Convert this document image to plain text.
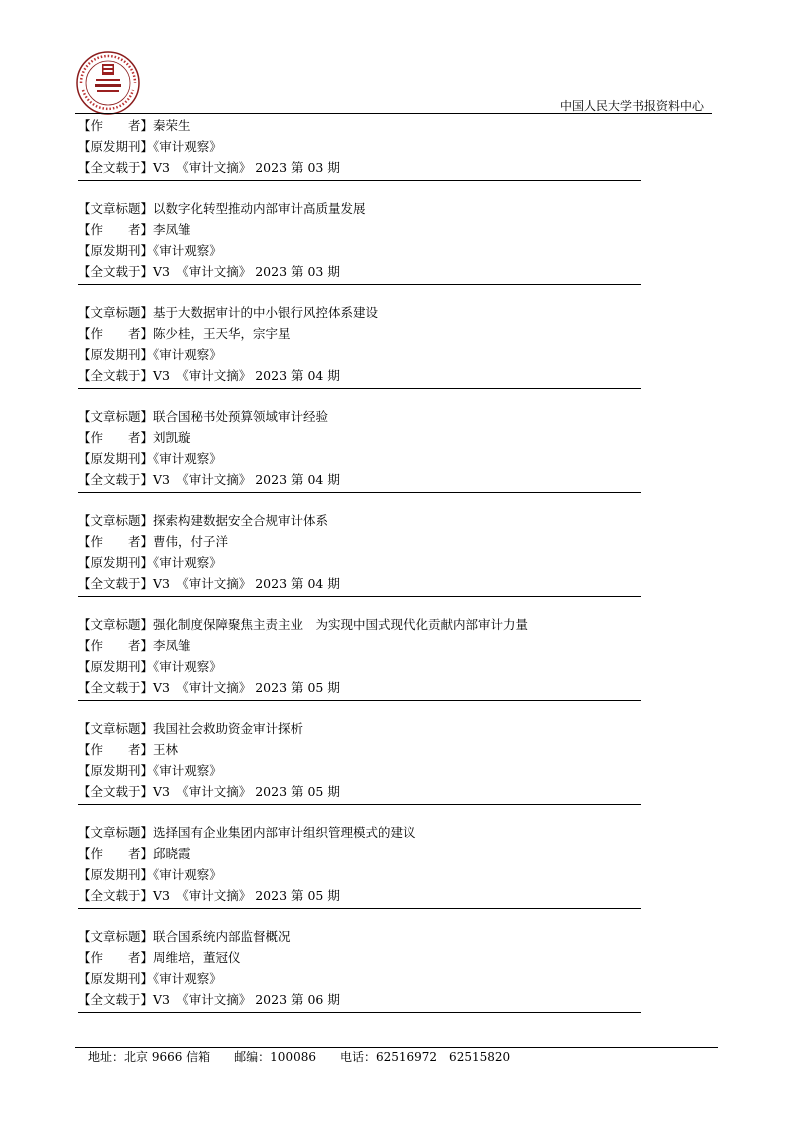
中国人民大学书报资料中心
【作　　者】秦荣生
【原发期刊】《审计观察》
【全文载于】V3　《审计文摘》 2023 第 03 期
【文章标题】以数字化转型推动内部审计高质量发展
【作　　者】李凤雏
【原发期刊】《审计观察》
【全文载于】V3　《审计文摘》 2023 第 03 期
【文章标题】基于大数据审计的中小银行风控体系建设
【作　　者】陈少桂，王天华，宗宇星
【原发期刊】《审计观察》
【全文载于】V3　《审计文摘》 2023 第 04 期
【文章标题】联合国秘书处预算领域审计经验
【作　　者】刘凯璇
【原发期刊】《审计观察》
【全文载于】V3　《审计文摘》 2023 第 04 期
【文章标题】探索构建数据安全合规审计体系
【作　　者】曹伟，付子洋
【原发期刊】《审计观察》
【全文载于】V3　《审计文摘》 2023 第 04 期
【文章标题】强化制度保障聚焦主责主业　为实现中国式现代化贡献内部审计力量
【作　　者】李凤雏
【原发期刊】《审计观察》
【全文载于】V3　《审计文摘》 2023 第 05 期
【文章标题】我国社会救助资金审计探析
【作　　者】王林
【原发期刊】《审计观察》
【全文载于】V3　《审计文摘》 2023 第 05 期
【文章标题】选择国有企业集团内部审计组织管理模式的建议
【作　　者】邱晓霞
【原发期刊】《审计观察》
【全文载于】V3　《审计文摘》 2023 第 05 期
【文章标题】联合国系统内部监督概况
【作　　者】周维培，董冠仪
【原发期刊】《审计观察》
【全文载于】V3　《审计文摘》 2023 第 06 期
地址：北京 9666 信箱　　邮编：100086　　电话：62516972　62515820
